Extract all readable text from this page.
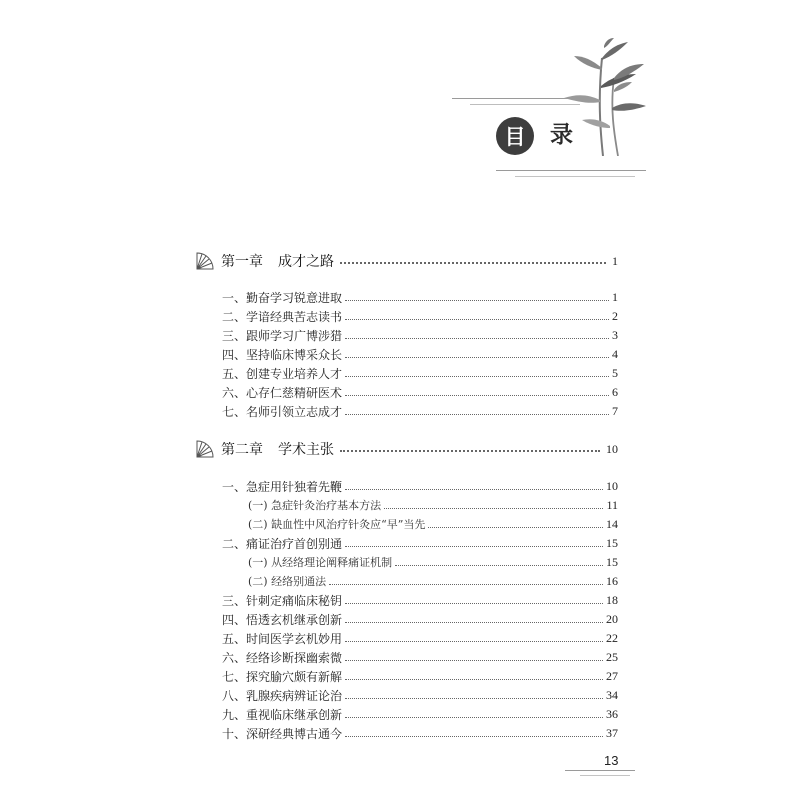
目 录
第一章 成才之路	1
一、勤奋学习锐意进取	1
二、学谙经典苦志读书	2
三、跟师学习广博涉猎	3
四、坚持临床博采众长	4
五、创建专业培养人才	5
六、心存仁慈精研医术	6
七、名师引领立志成才	7
第二章 学术主张	10
一、急症用针独着先鞭	10
(一) 急症针灸治疗基本方法	11
(二) 缺血性中风治疗针灸应“早”当先	14
二、痛证治疗首创别通	15
(一) 从经络理论阐释痛证机制	15
(二) 经络别通法	16
三、针刺定痛临床秘钥	18
四、悟透玄机继承创新	20
五、时间医学玄机妙用	22
六、经络诊断探幽索微	25
七、探究腧穴颇有新解	27
八、乳腺疾病辨证论治	34
九、重视临床继承创新	36
十、深研经典博古通今	37
13
